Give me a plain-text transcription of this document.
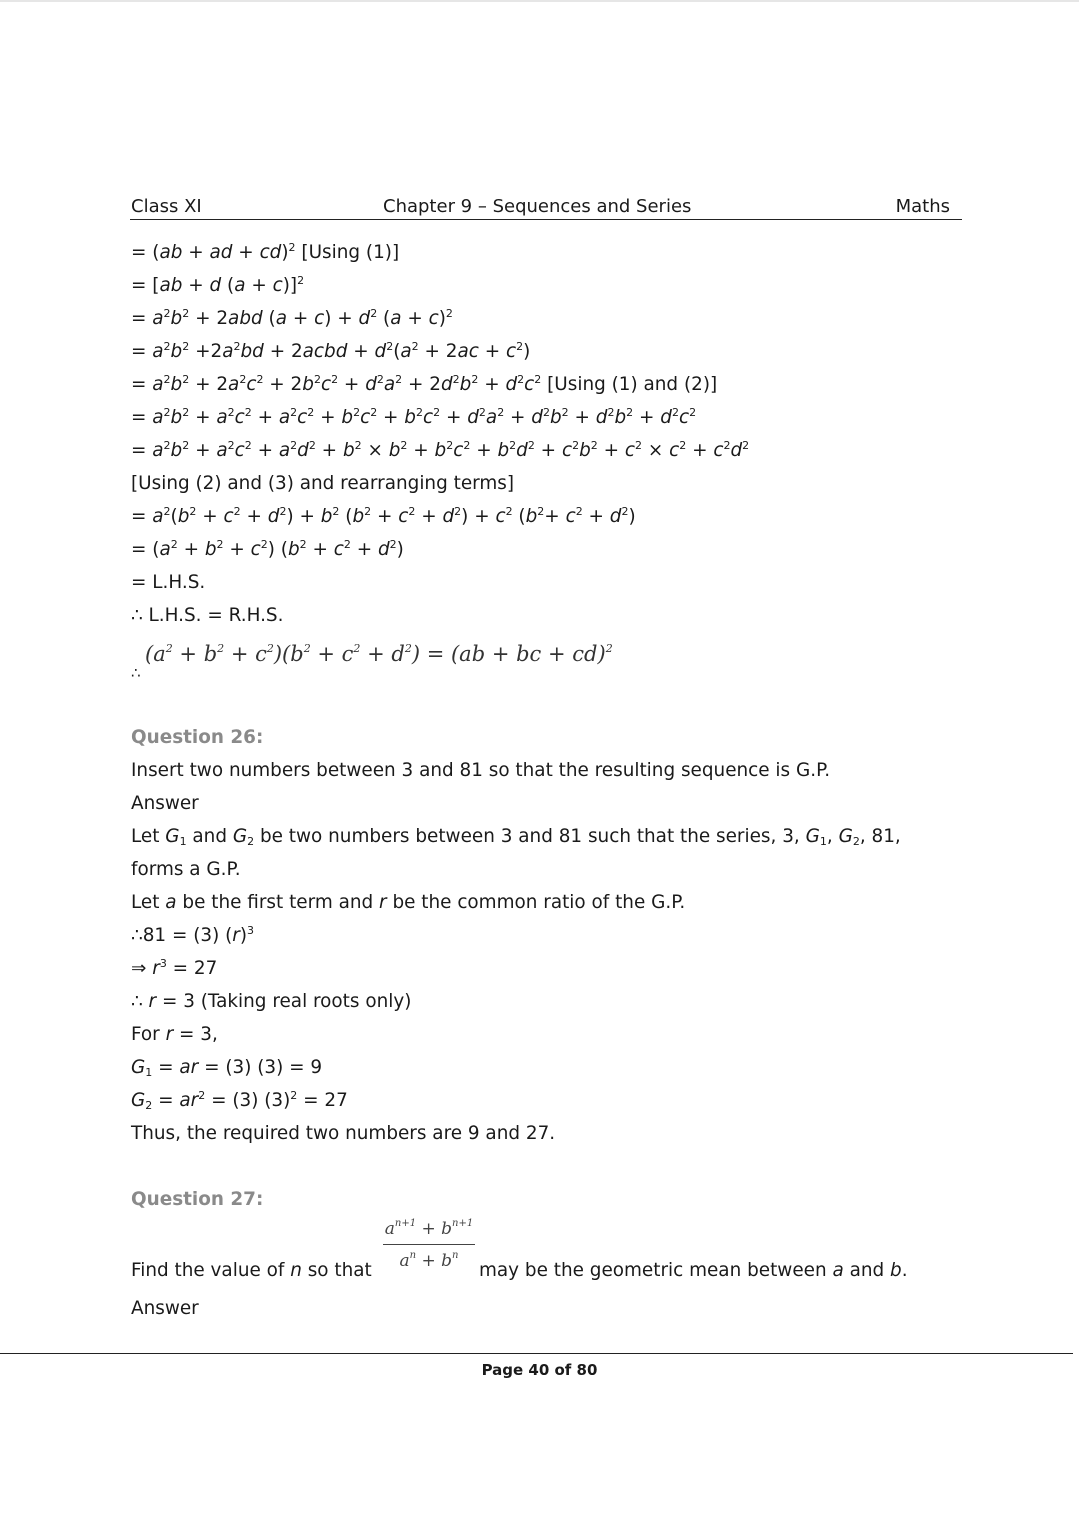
Class XI	Chapter 9 – Sequences and Series	Maths
= (ab + ad + cd)$^2$ [Using (1)]
= [ab + d (a + c)]$^2$
= $a^2b^2 + 2abd$ $(a + c) + d^2$ $(a + c)^2$
= $a^2b^2 +2a^2bd$ + 2acbd + $d^2(a^2 + 2ac + c^2)$
= $a^2b^2 + 2a^2c^2 + 2b^2c^2 + d^2a^2 + 2d^2b^2 + d^2c^2$ [Using (1) and (2)]
= $a^2b^2 + a^2c^2 + a^2c^2 + b^2c^2 + b^2c^2 + d^2a^2 + d^2b^2 + d^2b^2 + d^2c^2$
= $a^2b^2 + a^2c^2 + a^2d^2 + b^2 \times b^2 + b^2c^2 + b^2d^2 + c^2b^2 + c^2 \times c^2 + c^2d^2$
[Using (2) and (3) and rearranging terms]
= $a^2(b^2 + c^2 + d^2) + b^2$ $(b^2 + c^2 + d^2) + c^2$ $(b^2+ c^2 + d^2)$
= $(a^2 + b^2 + c^2) (b^2 + c^2 + d^2)$
= L.H.S.
∴ L.H.S. = R.H.S.
∴
$(a^2 + b^2 + c^2)(b^2 + c^2 + d^2) = (ab$ + bc + cd)$^2$
Question 26:
Insert two numbers between 3 and 81 so that the resulting sequence is G.P.
Answer
Let $G_1$ and $G_2$ be two numbers between 3 and 81 such that the series, 3, $G_1$, $G_2$, 81,
forms a G.P.
Let a be the first term and r be the common ratio of the G.P.
∴81 = (3) $(r)^3$
⇒ $r^3 = 27$
∴ r = 3 (Taking real roots only)
For r = 3,
$G_1$ = ar = (3) (3) = 9
$G_2 = ar^2 = (3) (3)^2 = 27$
Thus, the required two numbers are 9 and 27.
Question 27:
Find the value of n so that
$a^{n+1} + b^{n+1}$
$a^n + b^n$
may be the geometric mean between a and b.
Answer
Page 40 of 80
